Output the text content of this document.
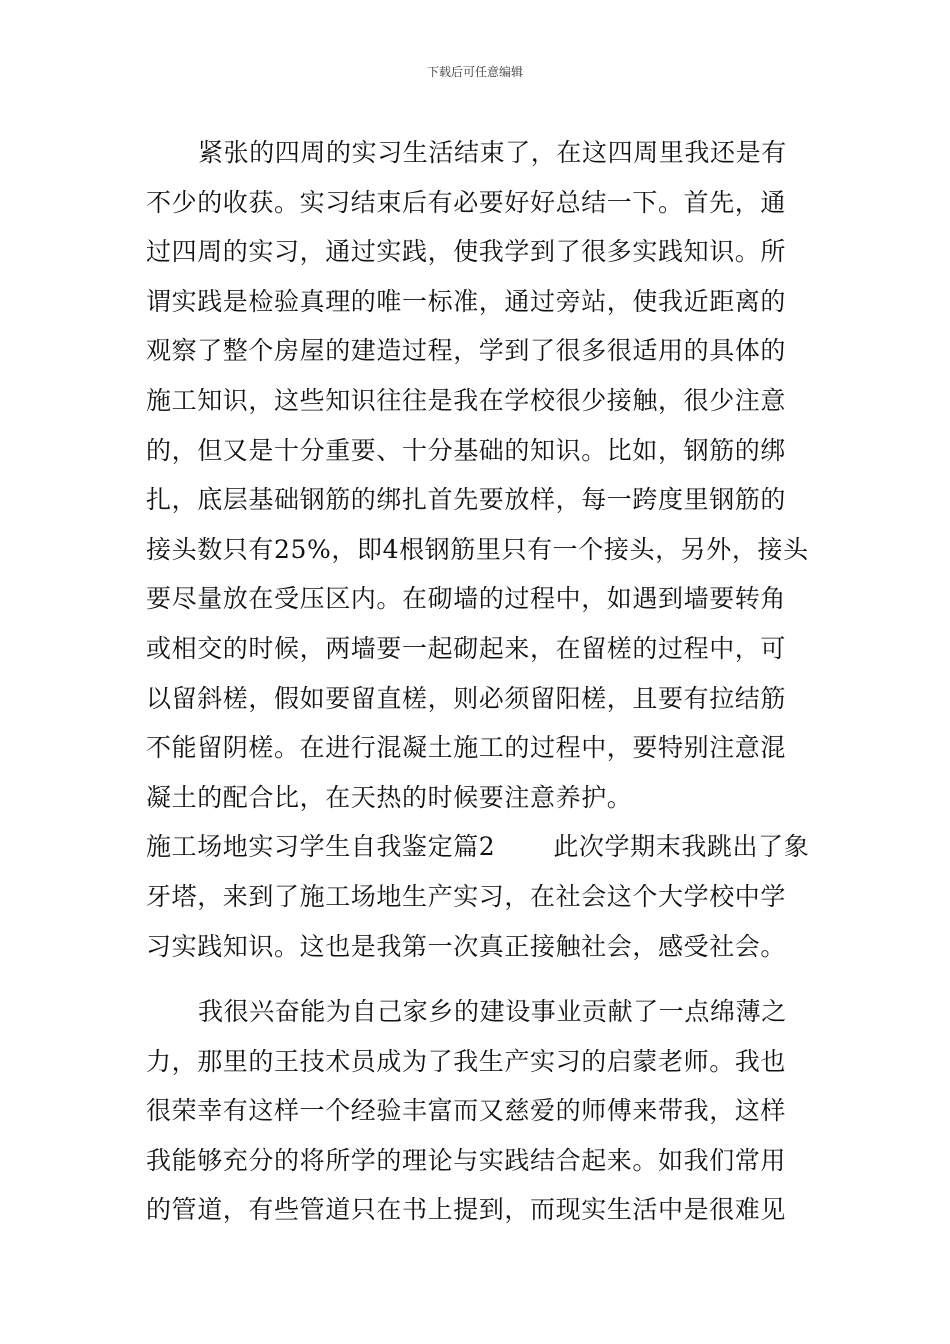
下载后可任意编辑
紧张的四周的实习生活结束了，在这四周里我还是有
不少的收获。实习结束后有必要好好总结一下。首先，通
过四周的实习，通过实践，使我学到了很多实践知识。所
谓实践是检验真理的唯一标准，通过旁站，使我近距离的
观察了整个房屋的建造过程，学到了很多很适用的具体的
施工知识，这些知识往往是我在学校很少接触，很少注意
的，但又是十分重要、十分基础的知识。比如，钢筋的绑
扎，底层基础钢筋的绑扎首先要放样，每一跨度里钢筋的
接头数只有25%，即4根钢筋里只有一个接头，另外，接头
要尽量放在受压区内。在砌墙的过程中，如遇到墙要转角
或相交的时候，两墙要一起砌起来，在留槎的过程中，可
以留斜槎，假如要留直槎，则必须留阳槎，且要有拉结筋
不能留阴槎。在进行混凝土施工的过程中，要特别注意混
凝土的配合比，在天热的时候要注意养护。
施工场地实习学生自我鉴定篇2 此次学期末我跳出了象
牙塔，来到了施工场地生产实习，在社会这个大学校中学
习实践知识。这也是我第一次真正接触社会，感受社会。
我很兴奋能为自己家乡的建设事业贡献了一点绵薄之
力，那里的王技术员成为了我生产实习的启蒙老师。我也
很荣幸有这样一个经验丰富而又慈爱的师傅来带我，这样
我能够充分的将所学的理论与实践结合起来。如我们常用
的管道，有些管道只在书上提到，而现实生活中是很难见
